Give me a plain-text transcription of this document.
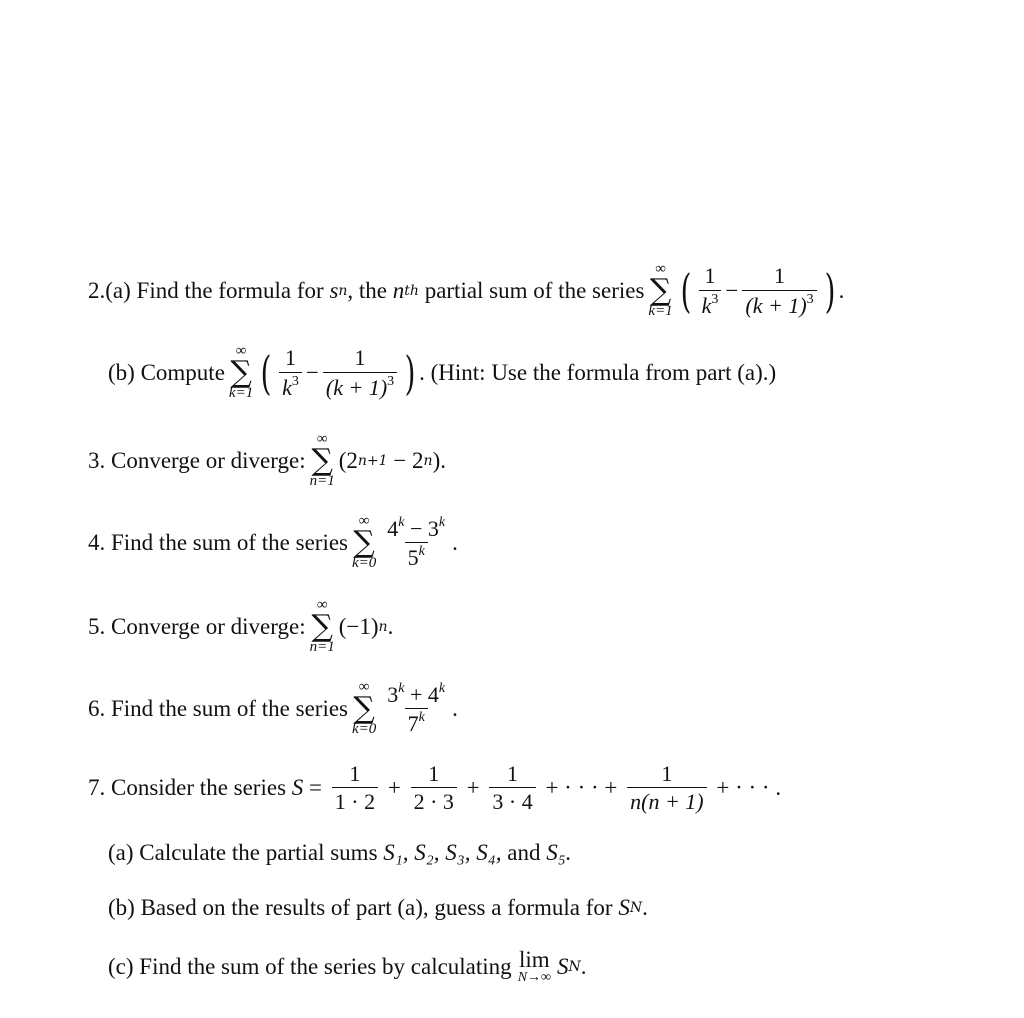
2.(a)
Find the formula for
s n , the
n th
partial sum of the series
∞
∑
k=1 ( $\frac{1}{k^3} - \frac{1}{(k + 1)^3}$ ) .
(b)
Compute
∞
∑
k=1 ( $\frac{1}{k^3} - \frac{1}{(k + 1)^3}$ ) . (Hint: Use the formula from part (a).)
3.
Converge or diverge:
∞
∑
n=1
(2 n+1 − 2 n ).
4.
Find the sum of the series
∞
∑
$k=0 \frac{4^k - 3^k}{5^k}$ .
5.
Converge or diverge:
∞
∑
n=1
(−1) n .
6.
Find the sum of the series
∞
∑
$k=0 \frac{3^k + 4^k}{7^k}$ .
7.
Consider the series
$S = \frac{1}{1 \cdot 2} + \frac{1}{2 \cdot 3} + \frac{1}{3 \cdot 4}$ + · · · + $\frac{1}{n(n + 1)}$ + · · · .
(a)
Calculate the partial sums
S₁, S₂, S₃, S₄, and S₅.
(b)
Based on the results of part (a), guess a formula for
S N .
(c)
Find the sum of the series by calculating lim
N→∞ S N .
